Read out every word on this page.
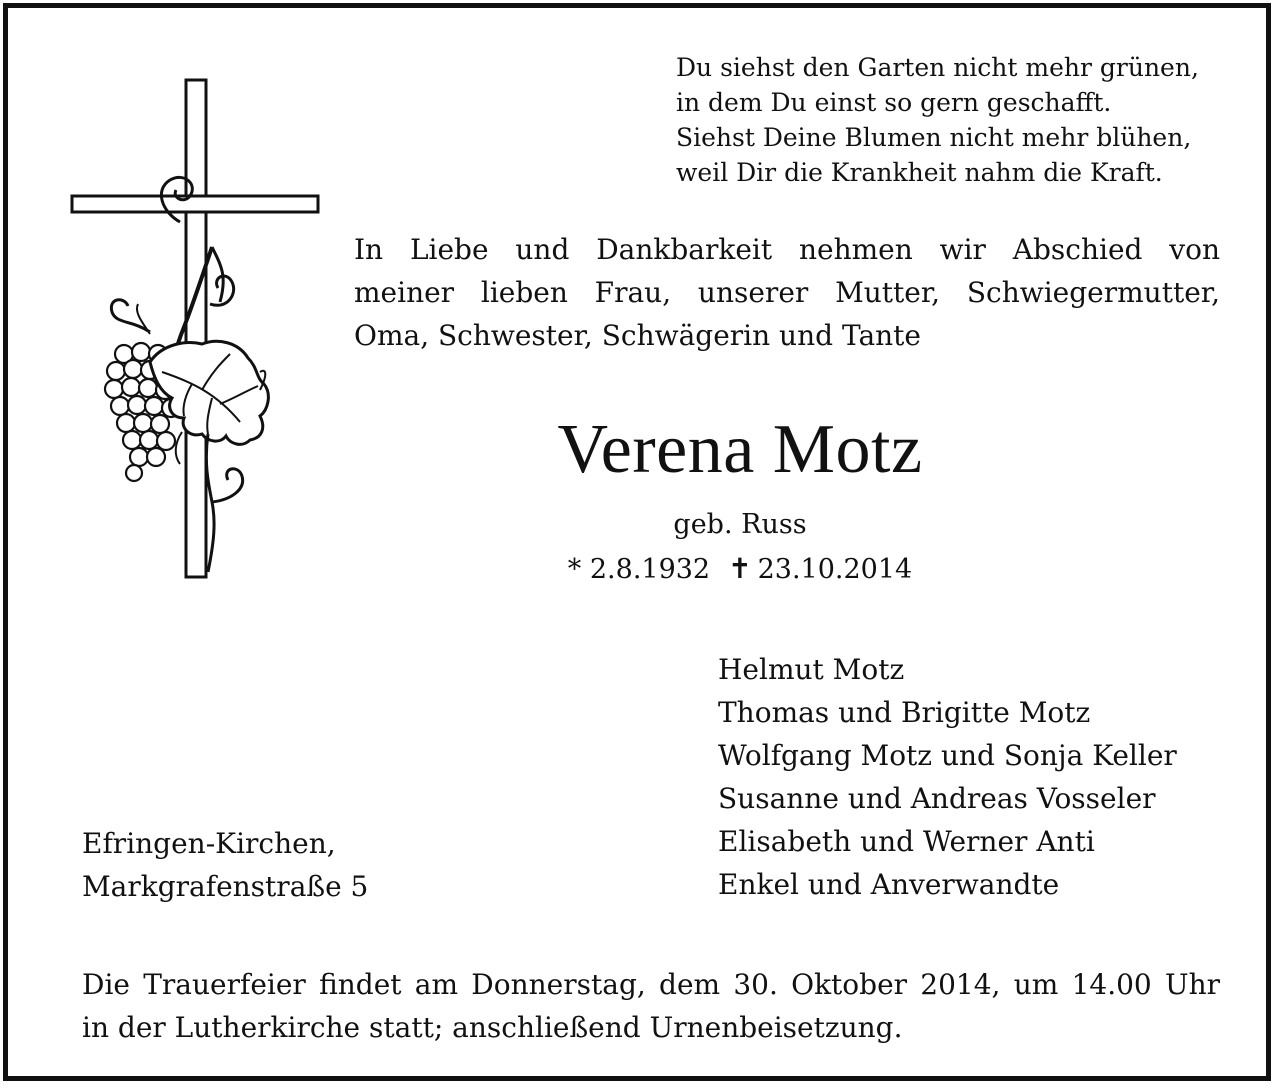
Du siehst den Garten nicht mehr grünen,
in dem Du einst so gern geschafft.
Siehst Deine Blumen nicht mehr blühen,
weil Dir die Krankheit nahm die Kraft.
In Liebe und Dankbarkeit nehmen wir Abschied von
meiner lieben Frau, unserer Mutter, Schwiegermutter,
Oma, Schwester, Schwägerin und Tante
Verena Motz
geb. Russ
* 2.8.1932 ✝ 23.10.2014
Helmut Motz
Thomas und Brigitte Motz
Wolfgang Motz und Sonja Keller
Susanne und Andreas Vosseler
Elisabeth und Werner Anti
Enkel und Anverwandte
Efringen-Kirchen,
Markgrafenstraße 5
Die Trauerfeier findet am Donnerstag, dem 30. Oktober 2014, um 14.00 Uhr
in der Lutherkirche statt; anschließend Urnenbeisetzung.
